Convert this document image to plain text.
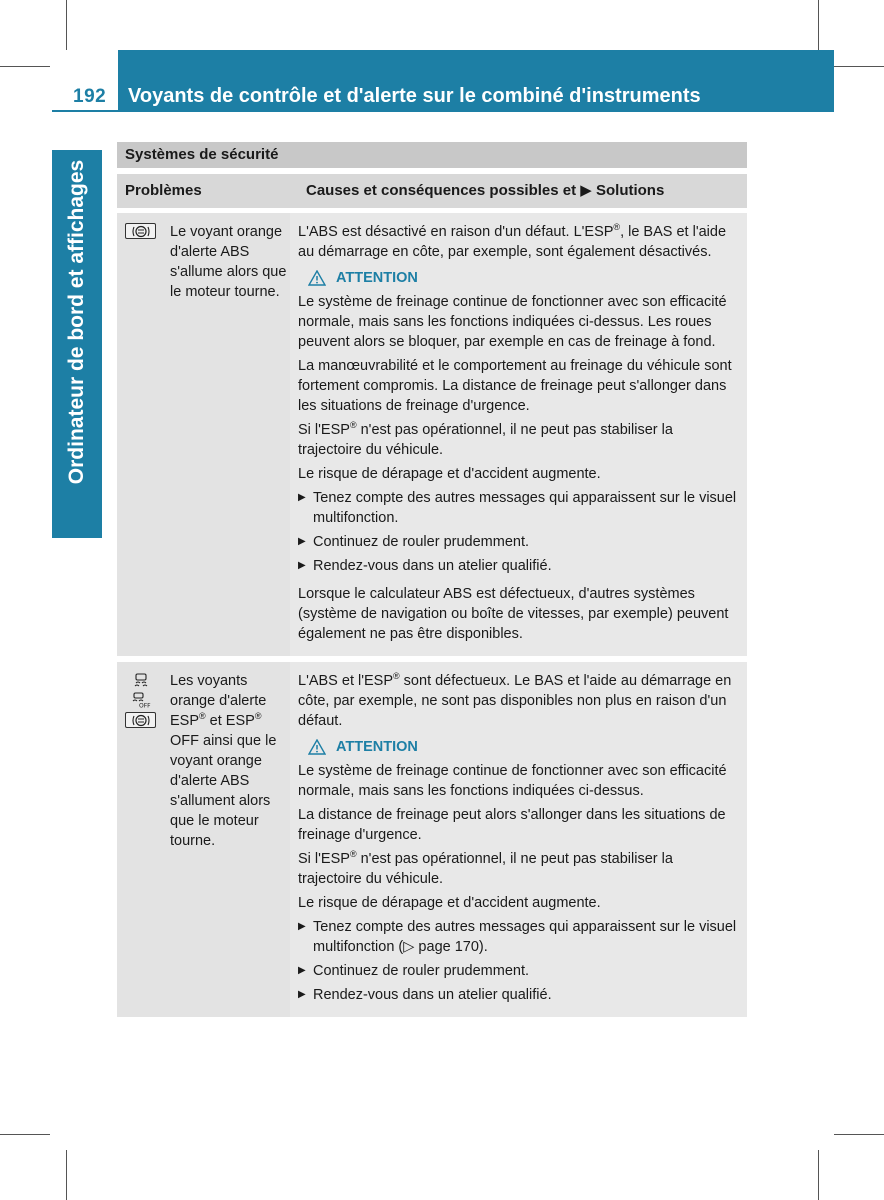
192 Voyants de contrôle et d'alerte sur le combiné d'instruments
Ordinateur de bord et affichages
Systèmes de sécurité
Problèmes	Causes et conséquences possibles et ▶ Solutions
Le voyant orange d'alerte ABS s'allume alors que le moteur tourne.
L'ABS est désactivé en raison d'un défaut. L'ESP®, le BAS et l'aide au démarrage en côte, par exemple, sont également désactivés.
ATTENTION
Le système de freinage continue de fonctionner avec son efficacité normale, mais sans les fonctions indiquées ci-dessus. Les roues peuvent alors se bloquer, par exemple en cas de freinage à fond.
La manœuvrabilité et le comportement au freinage du véhicule sont fortement compromis. La distance de freinage peut s'allonger dans les situations de freinage d'urgence.
Si l'ESP® n'est pas opérationnel, il ne peut pas stabiliser la trajectoire du véhicule.
Le risque de dérapage et d'accident augmente.
▶ Tenez compte des autres messages qui apparaissent sur le visuel multifonction.
▶ Continuez de rouler prudemment.
▶ Rendez-vous dans un atelier qualifié.
Lorsque le calculateur ABS est défectueux, d'autres systèmes (système de navigation ou boîte de vitesses, par exemple) peuvent également ne pas être disponibles.
OFF
Les voyants orange d'alerte ESP® et ESP® OFF ainsi que le voyant orange d'alerte ABS s'allument alors que le moteur tourne.
L'ABS et l'ESP® sont défectueux. Le BAS et l'aide au démarrage en côte, par exemple, ne sont pas disponibles non plus en raison d'un défaut.
ATTENTION
Le système de freinage continue de fonctionner avec son efficacité normale, mais sans les fonctions indiquées ci-dessus.
La distance de freinage peut alors s'allonger dans les situations de freinage d'urgence.
Si l'ESP® n'est pas opérationnel, il ne peut pas stabiliser la trajectoire du véhicule.
Le risque de dérapage et d'accident augmente.
▶ Tenez compte des autres messages qui apparaissent sur le visuel multifonction (▷ page 170).
▶ Continuez de rouler prudemment.
▶ Rendez-vous dans un atelier qualifié.
